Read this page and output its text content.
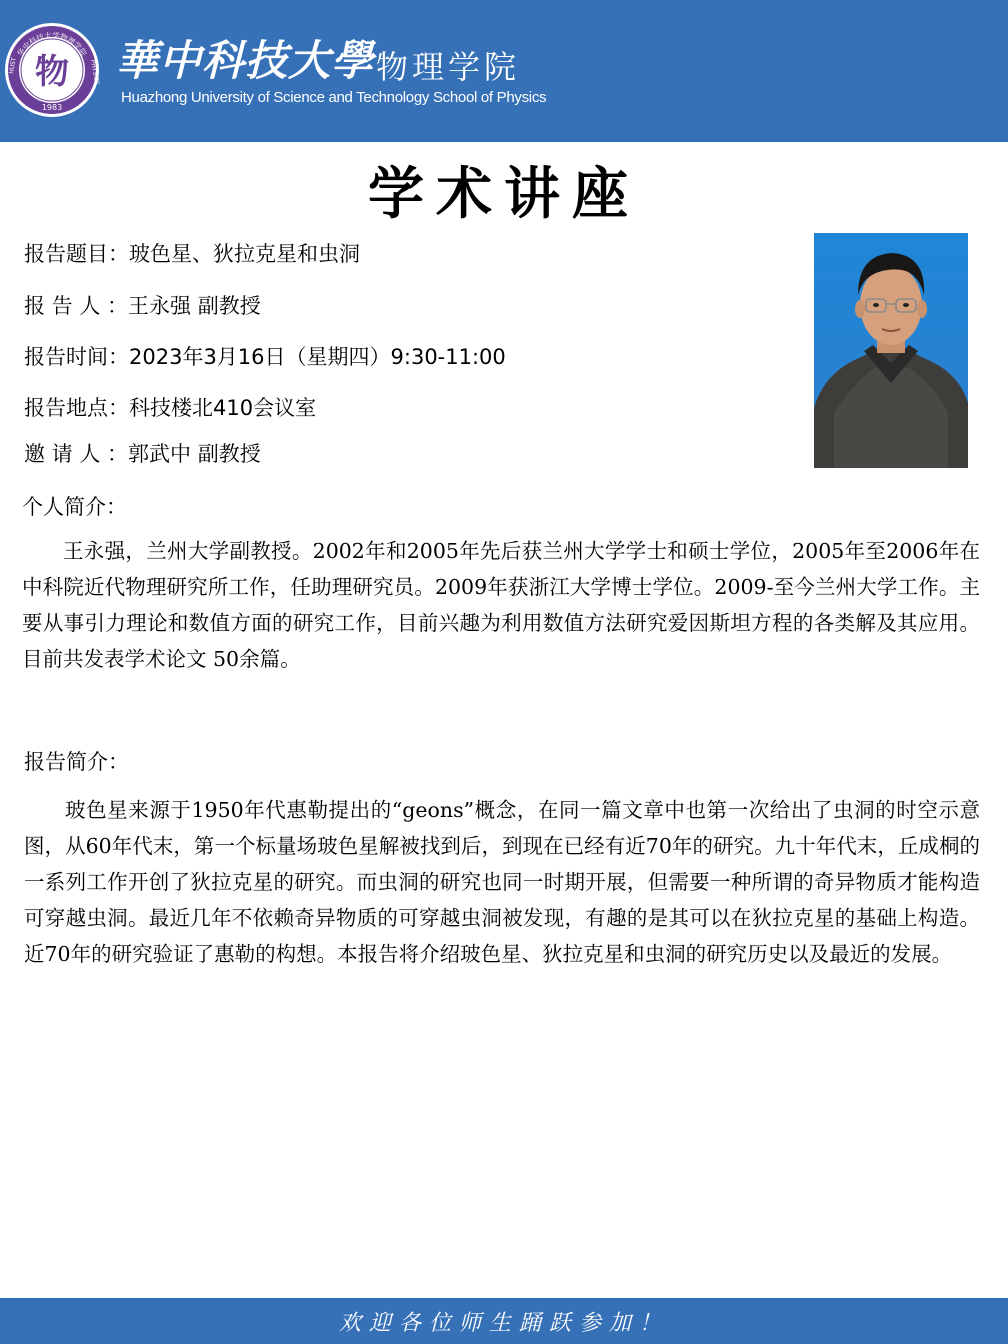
华中科技大学物理学院
HUST	PHYSICS
物
1983
華中科技大學 物理学院
Huazhong University of Science and Technology School of Physics
学术讲座
报告题目： 玻色星、狄拉克星和虫洞
报 告 人 ： 王永强 副教授
报告时间： 2023年3月16日（星期四）9:30-11:00
报告地点： 科技楼北410会议室
邀 请 人 ： 郭武中 副教授
个人简介：

王永强，兰州大学副教授。2002年和2005年先后获兰州大学学士和硕士学位，2005年至2006年在中科院近代物理研究所工作，任助理研究员。2009年获浙江大学博士学位。2009-至今兰州大学工作。主要从事引力理论和数值方面的研究工作，目前兴趣为利用数值方法研究爱因斯坦方程的各类解及其应用。目前共发表学术论文 50余篇。

报告简介：

玻色星来源于1950年代惠勒提出的“geons”概念，在同一篇文章中也第一次给出了虫洞的时空示意图，从60年代末，第一个标量场玻色星解被找到后，到现在已经有近70年的研究。九十年代末，丘成桐的一系列工作开创了狄拉克星的研究。而虫洞的研究也同一时期开展，但需要一种所谓的奇异物质才能构造可穿越虫洞。最近几年不依赖奇异物质的可穿越虫洞被发现，有趣的是其可以在狄拉克星的基础上构造。近70年的研究验证了惠勒的构想。本报告将介绍玻色星、狄拉克星和虫洞的研究历史以及最近的发展。

欢迎各位师生踊跃参加！
